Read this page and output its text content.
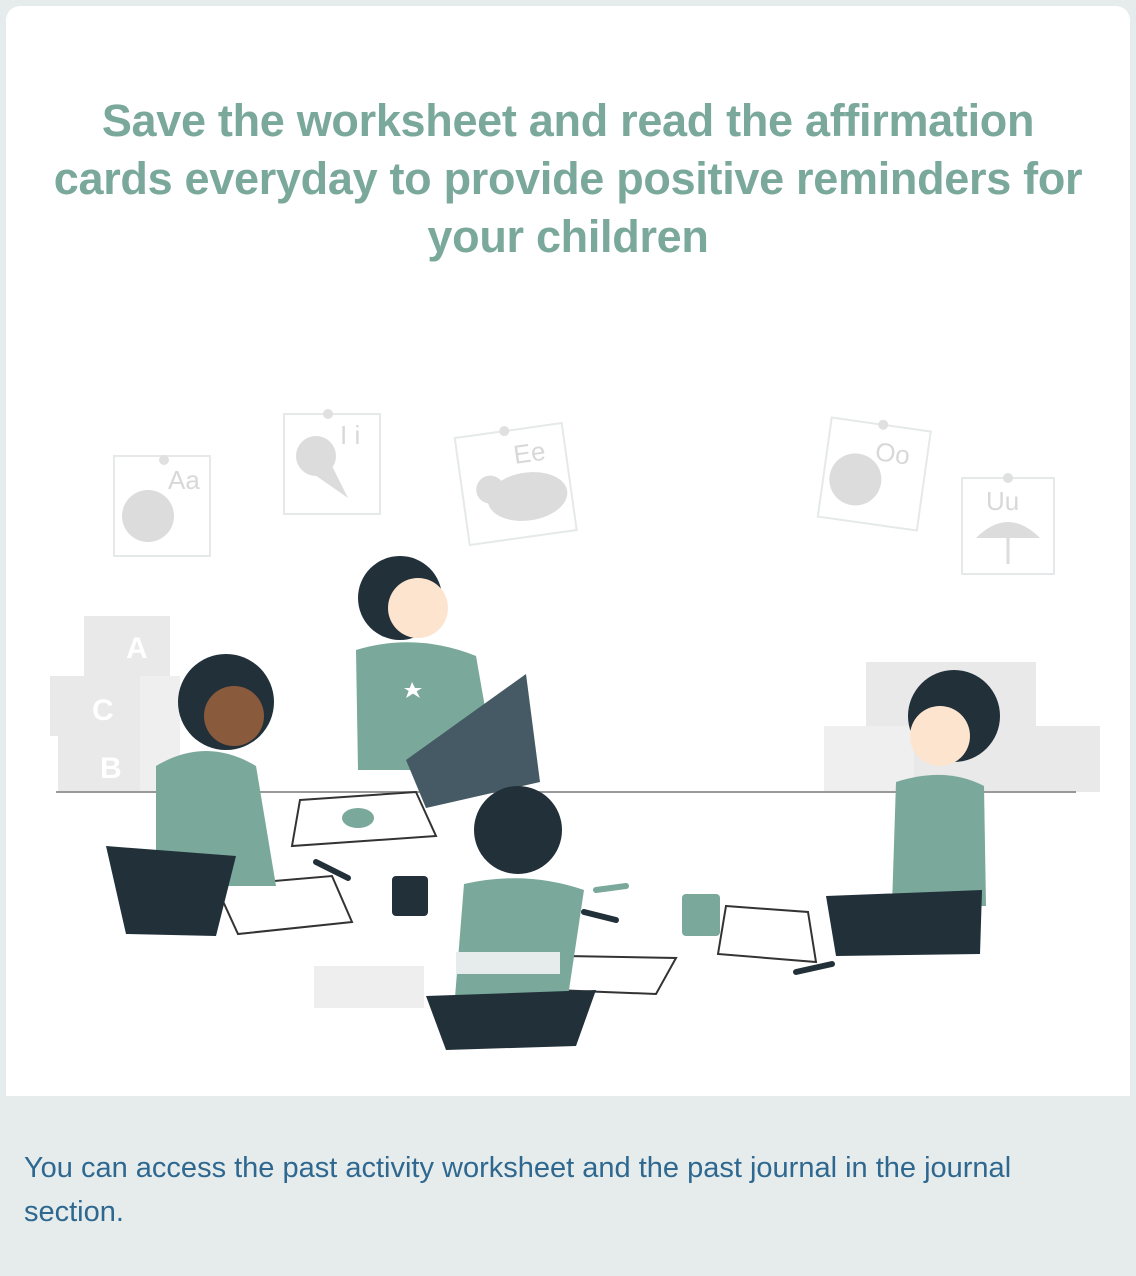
Save the worksheet and read the affirmation cards everyday to provide positive reminders for your children
Aa
I i
Ee	Oo
Uu
A
C
B

You can access the past activity worksheet and the past journal in the journal section.
